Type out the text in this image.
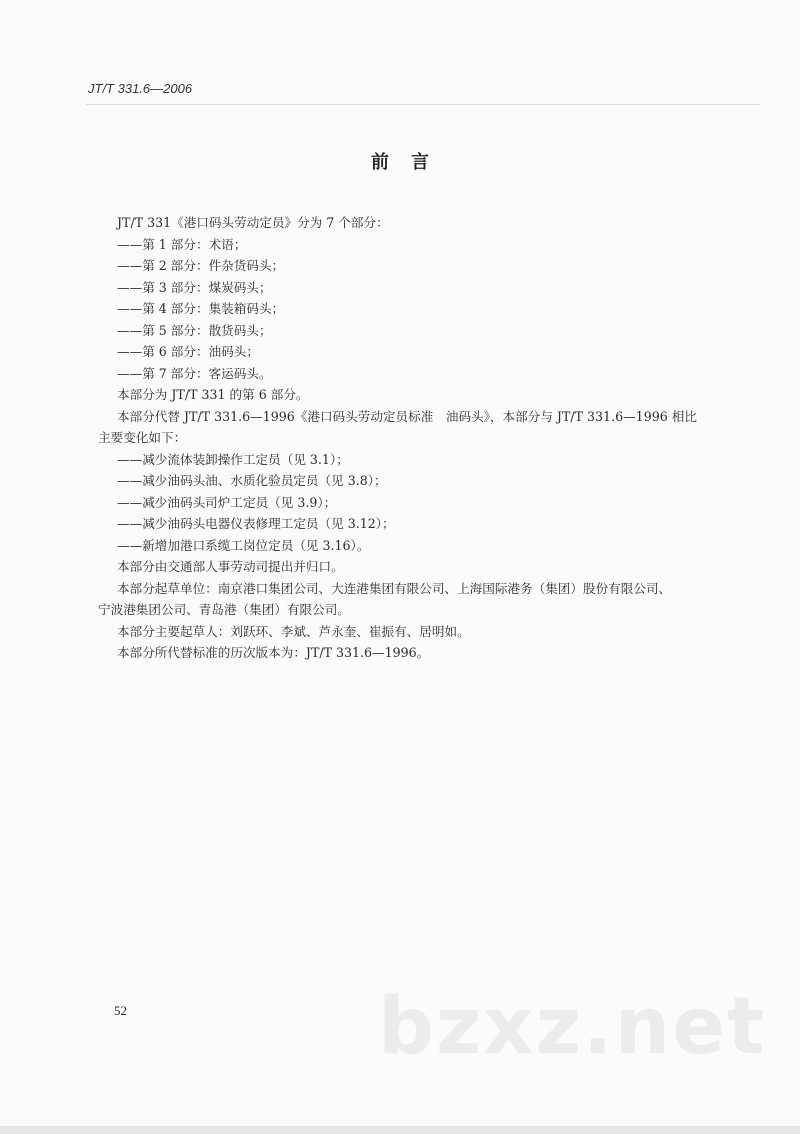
JT/T 331.6—2006
前言
JT/T 331《港口码头劳动定员》分为 7 个部分：
——第 1 部分：术语；
——第 2 部分：件杂货码头；
——第 3 部分：煤炭码头；
——第 4 部分：集装箱码头；
——第 5 部分：散货码头；
——第 6 部分：油码头；
——第 7 部分：客运码头。
本部分为 JT/T 331 的第 6 部分。
本部分代替 JT/T 331.6—1996《港口码头劳动定员标准　油码头》，本部分与 JT/T 331.6—1996 相比
主要变化如下：
——减少流体装卸操作工定员（见 3.1）；
——减少油码头油、水质化验员定员（见 3.8）；
——减少油码头司炉工定员（见 3.9）；
——减少油码头电器仪表修理工定员（见 3.12）；
——新增加港口系缆工岗位定员（见 3.16）。
本部分由交通部人事劳动司提出并归口。
本部分起草单位：南京港口集团公司、大连港集团有限公司、上海国际港务（集团）股份有限公司、
宁波港集团公司、青岛港（集团）有限公司。
本部分主要起草人：刘跃环、李斌、芦永奎、崔振有、居明如。
本部分所代替标准的历次版本为：JT/T 331.6—1996。
52	bzxz.net
